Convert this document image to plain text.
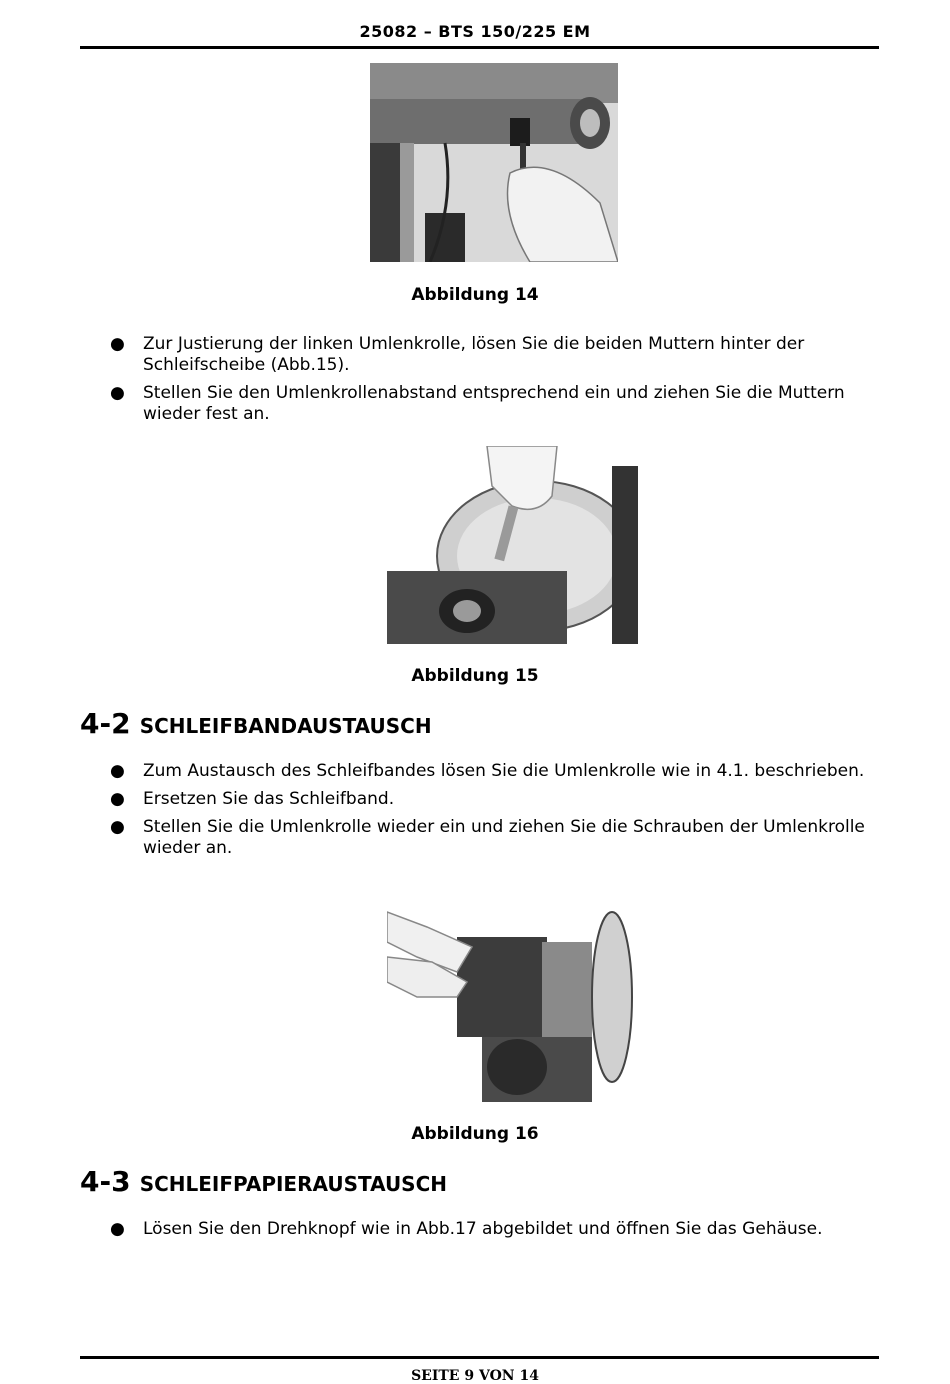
25082 – BTS 150/225 EM
Abbildung 14
● Zur Justierung der linken Umlenkrolle, lösen Sie die beiden Muttern hinter der Schleifscheibe (Abb.15).
● Stellen Sie den Umlenkrollenabstand entsprechend ein und ziehen Sie die Muttern wieder fest an.
Abbildung 15
4-2 SCHLEIFBANDAUSTAUSCH
● Zum Austausch des Schleifbandes lösen Sie die Umlenkrolle wie in 4.1. beschrieben.
● Ersetzen Sie das Schleifband.
● Stellen Sie die Umlenkrolle wieder ein und ziehen Sie die Schrauben der Umlenkrolle wieder an.
Abbildung 16
4-3 SCHLEIFPAPIERAUSTAUSCH
● Lösen Sie den Drehknopf wie in Abb.17 abgebildet und öffnen Sie das Gehäuse.
SEITE 9 VON 14
